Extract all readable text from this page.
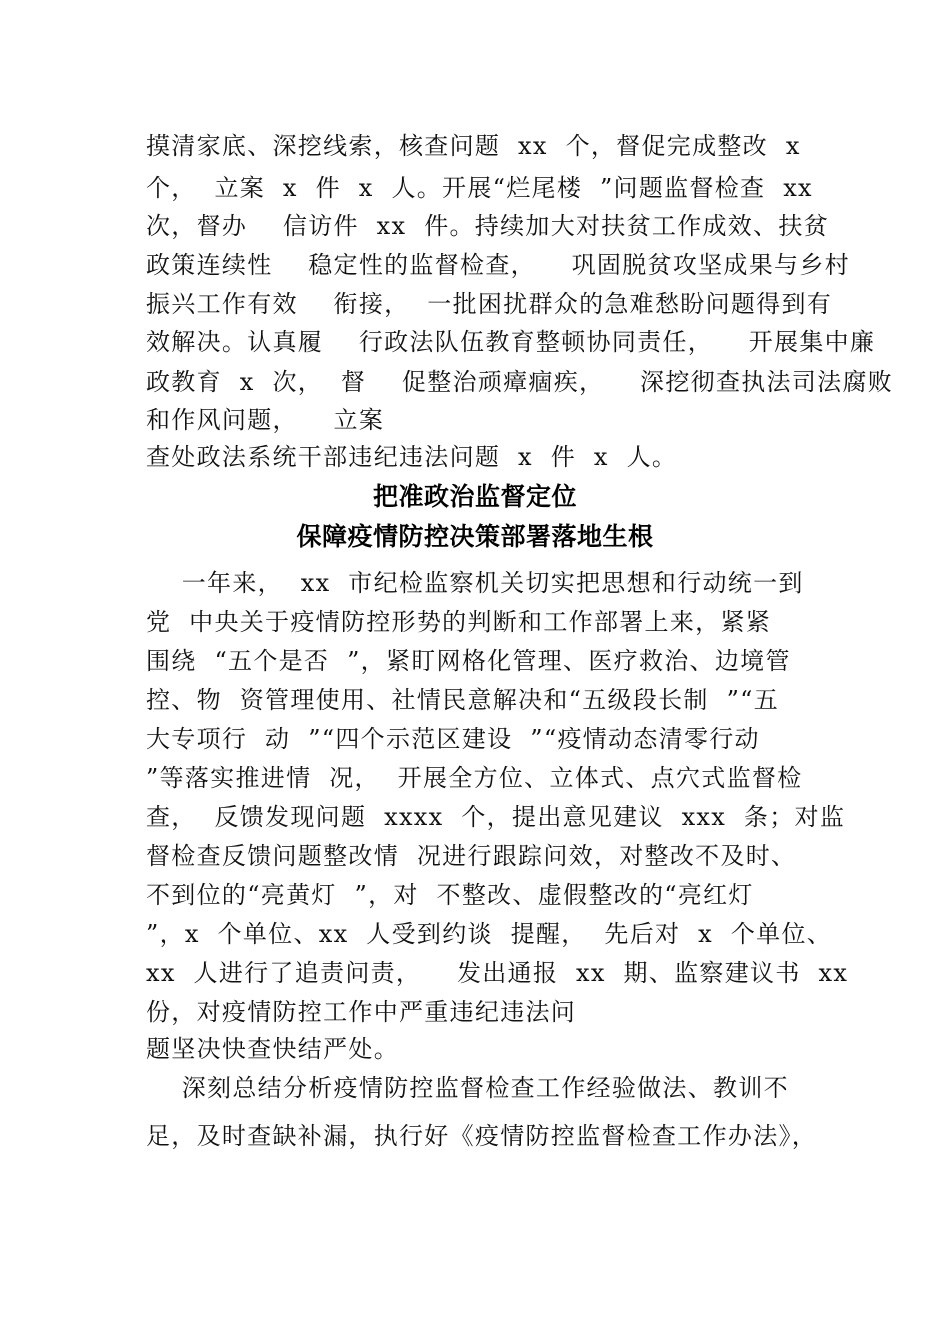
摸清家底、深挖线索，核查问题  xx  个，督促完成整改  x
个，  立案  x  件  x  人。开展“烂尾楼  ”问题监督检查  xx
次，督办    信访件  xx  件。持续加大对扶贫工作成效、扶贫
政策连续性    稳定性的监督检查，    巩固脱贫攻坚成果与乡村
振兴工作有效    衔接，  一批困扰群众的急难愁盼问题得到有
效解决。认真履    行政法队伍教育整顿协同责任，    开展集中廉
政教育  x  次，  督    促整治顽瘴痼疾，    深挖彻查执法司法腐败
和作风问题，    立案
查处政法系统干部违纪违法问题  x  件  x  人。
把准政治监督定位
保障疫情防控决策部署落地生根
一年来，  xx  市纪检监察机关切实把思想和行动统一到
党  中央关于疫情防控形势的判断和工作部署上来，紧紧
围绕  “五个是否  ”，紧盯网格化管理、医疗救治、边境管
控、物  资管理使用、社情民意解决和“五级段长制  ”“五
大专项行  动  ”“四个示范区建设  ”“疫情动态清零行动
”等落实推进情  况，  开展全方位、立体式、点穴式监督检
查，  反馈发现问题  xxxx  个，提出意见建议  xxx  条；对监
督检查反馈问题整改情  况进行跟踪问效，对整改不及时、
不到位的“亮黄灯  ”，对  不整改、虚假整改的“亮红灯
”，x  个单位、xx  人受到约谈  提醒，  先后对  x  个单位、
xx  人进行了追责问责，    发出通报  xx  期、监察建议书  xx
份，对疫情防控工作中严重违纪违法问
题坚决快查快结严处。
深刻总结分析疫情防控监督检查工作经验做法、教训不
足，及时查缺补漏，执行好《疫情防控监督检查工作办法》，
